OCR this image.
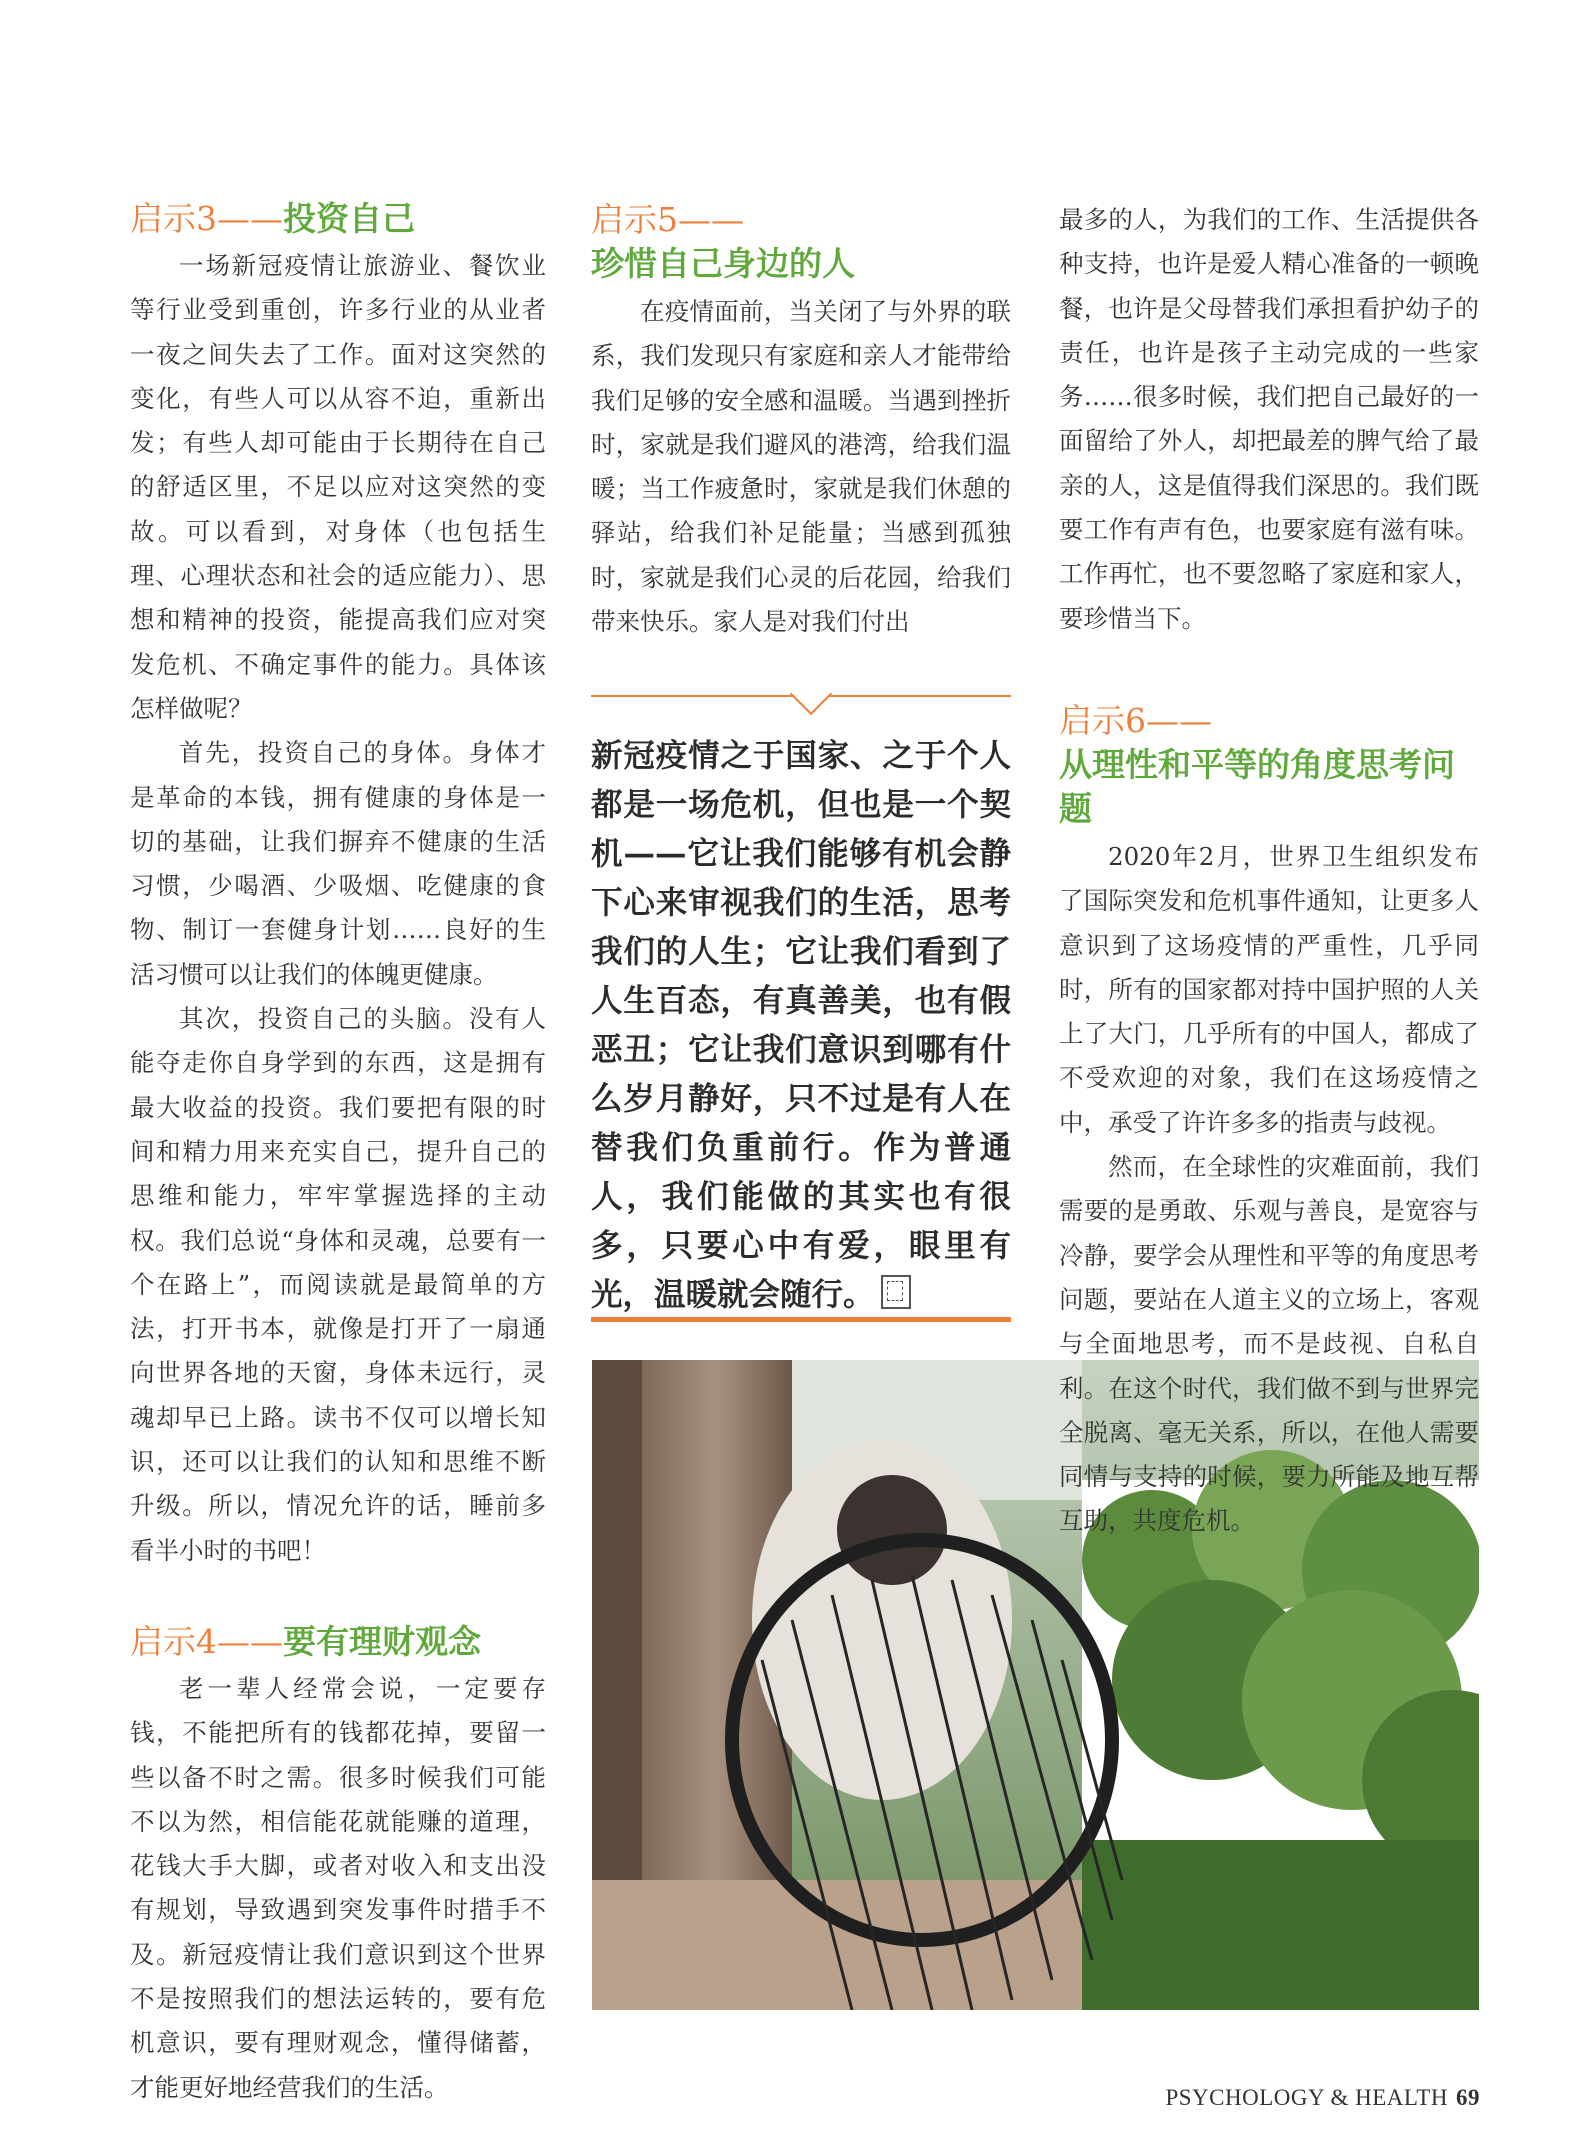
启示3——投资自己

一场新冠疫情让旅游业、餐饮业等行业受到重创，许多行业的从业者一夜之间失去了工作。面对这突然的变化，有些人可以从容不迫，重新出发；有些人却可能由于长期待在自己的舒适区里，不足以应对这突然的变故。可以看到，对身体（也包括生理、心理状态和社会的适应能力）、思想和精神的投资，能提高我们应对突发危机、不确定事件的能力。具体该怎样做呢？

首先，投资自己的身体。身体才是革命的本钱，拥有健康的身体是一切的基础，让我们摒弃不健康的生活习惯，少喝酒、少吸烟、吃健康的食物、制订一套健身计划……良好的生活习惯可以让我们的体魄更健康。

其次，投资自己的头脑。没有人能夺走你自身学到的东西，这是拥有最大收益的投资。我们要把有限的时间和精力用来充实自己，提升自己的思维和能力，牢牢掌握选择的主动权。我们总说“身体和灵魂，总要有一个在路上”，而阅读就是最简单的方法，打开书本，就像是打开了一扇通向世界各地的天窗，身体未远行，灵魂却早已上路。读书不仅可以增长知识，还可以让我们的认知和思维不断升级。所以，情况允许的话，睡前多看半小时的书吧！

启示4——要有理财观念

老一辈人经常会说，一定要存钱，不能把所有的钱都花掉，要留一些以备不时之需。很多时候我们可能不以为然，相信能花就能赚的道理，花钱大手大脚，或者对收入和支出没有规划，导致遇到突发事件时措手不及。新冠疫情让我们意识到这个世界不是按照我们的想法运转的，要有危机意识，要有理财观念，懂得储蓄，才能更好地经营我们的生活。

启示5——
珍惜自己身边的人

在疫情面前，当关闭了与外界的联系，我们发现只有家庭和亲人才能带给我们足够的安全感和温暖。当遇到挫折时，家就是我们避风的港湾，给我们温暖；当工作疲惫时，家就是我们休憩的驿站，给我们补足能量；当感到孤独时，家就是我们心灵的后花园，给我们带来快乐。家人是对我们付出

新冠疫情之于国家、之于个人都是一场危机，但也是一个契机——它让我们能够有机会静下心来审视我们的生活，思考我们的人生；它让我们看到了人生百态，有真善美，也有假恶丑；它让我们意识到哪有什么岁月静好，只不过是有人在替我们负重前行。作为普通人，我们能做的其实也有很多，只要心中有爱，眼里有光，温暖就会随行。

最多的人，为我们的工作、生活提供各种支持，也许是爱人精心准备的一顿晚餐，也许是父母替我们承担看护幼子的责任，也许是孩子主动完成的一些家务……很多时候，我们把自己最好的一面留给了外人，却把最差的脾气给了最亲的人，这是值得我们深思的。我们既要工作有声有色，也要家庭有滋有味。工作再忙，也不要忽略了家庭和家人，要珍惜当下。

启示6——
从理性和平等的角度思考问题

2020年2月，世界卫生组织发布了国际突发和危机事件通知，让更多人意识到了这场疫情的严重性，几乎同时，所有的国家都对持中国护照的人关上了大门，几乎所有的中国人，都成了不受欢迎的对象，我们在这场疫情之中，承受了许许多多的指责与歧视。

然而，在全球性的灾难面前，我们需要的是勇敢、乐观与善良，是宽容与冷静，要学会从理性和平等的角度思考问题，要站在人道主义的立场上，客观与全面地思考，而不是歧视、自私自利。在这个时代，我们做不到与世界完全脱离、毫无关系，所以，在他人需要同情与支持的时候，要力所能及地互帮互助，共度危机。

PSYCHOLOGY & HEALTH 69
